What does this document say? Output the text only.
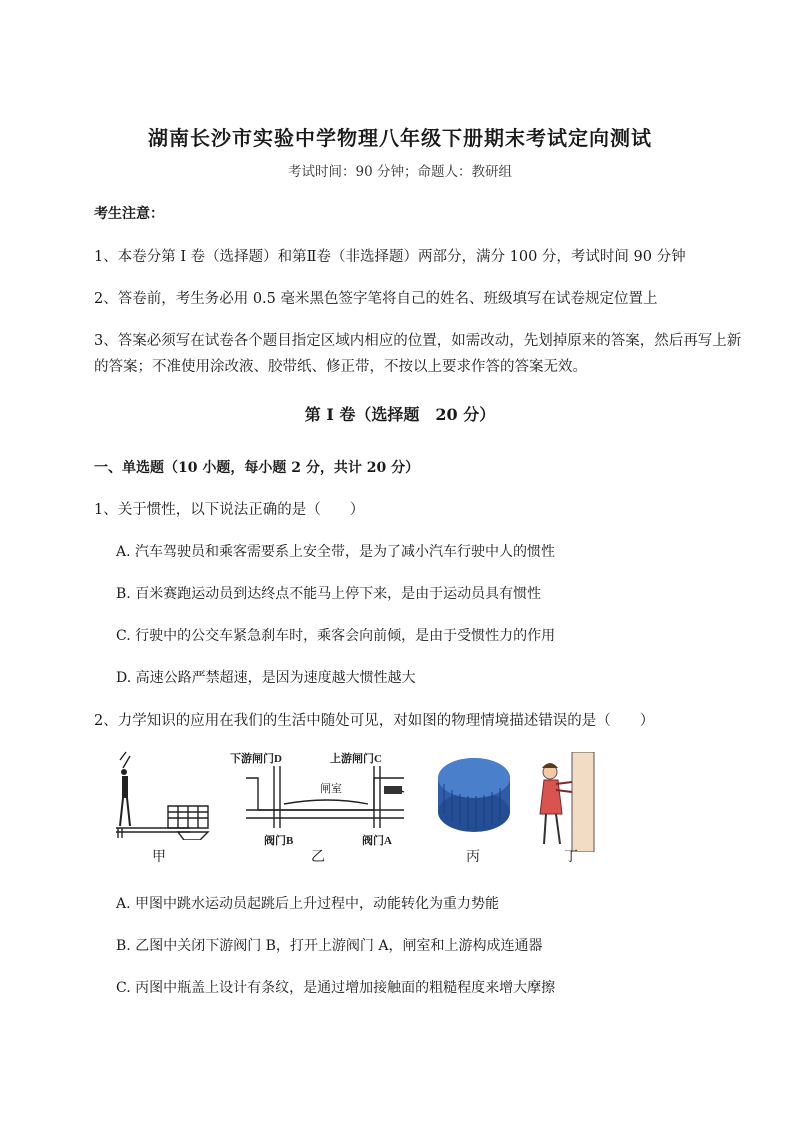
湖南长沙市实验中学物理八年级下册期末考试定向测试
考试时间：90 分钟；命题人：教研组
考生注意：
1、本卷分第 I 卷（选择题）和第Ⅱ卷（非选择题）两部分，满分 100 分，考试时间 90 分钟
2、答卷前，考生务必用 0.5 毫米黑色签字笔将自己的姓名、班级填写在试卷规定位置上
3、答案必须写在试卷各个题目指定区域内相应的位置，如需改动，先划掉原来的答案，然后再写上新
的答案；不准使用涂改液、胶带纸、修正带，不按以上要求作答的答案无效。
第 I 卷（选择题　20 分）
一、单选题（10 小题，每小题 2 分，共计 20 分）
1、关于惯性，以下说法正确的是（　　）
A. 汽车驾驶员和乘客需要系上安全带，是为了减小汽车行驶中人的惯性
B. 百米赛跑运动员到达终点不能马上停下来，是由于运动员具有惯性
C. 行驶中的公交车紧急刹车时，乘客会向前倾，是由于受惯性力的作用
D. 高速公路严禁超速，是因为速度越大惯性越大
2、力学知识的应用在我们的生活中随处可见，对如图的物理情境描述错误的是（　　）
甲
下游闸门D	上游闸门C
闸室
阀门B	阀门A
乙	丙	丁
A. 甲图中跳水运动员起跳后上升过程中，动能转化为重力势能
B. 乙图中关闭下游阀门 B，打开上游阀门 A，闸室和上游构成连通器
C. 丙图中瓶盖上设计有条纹，是通过增加接触面的粗糙程度来增大摩擦
